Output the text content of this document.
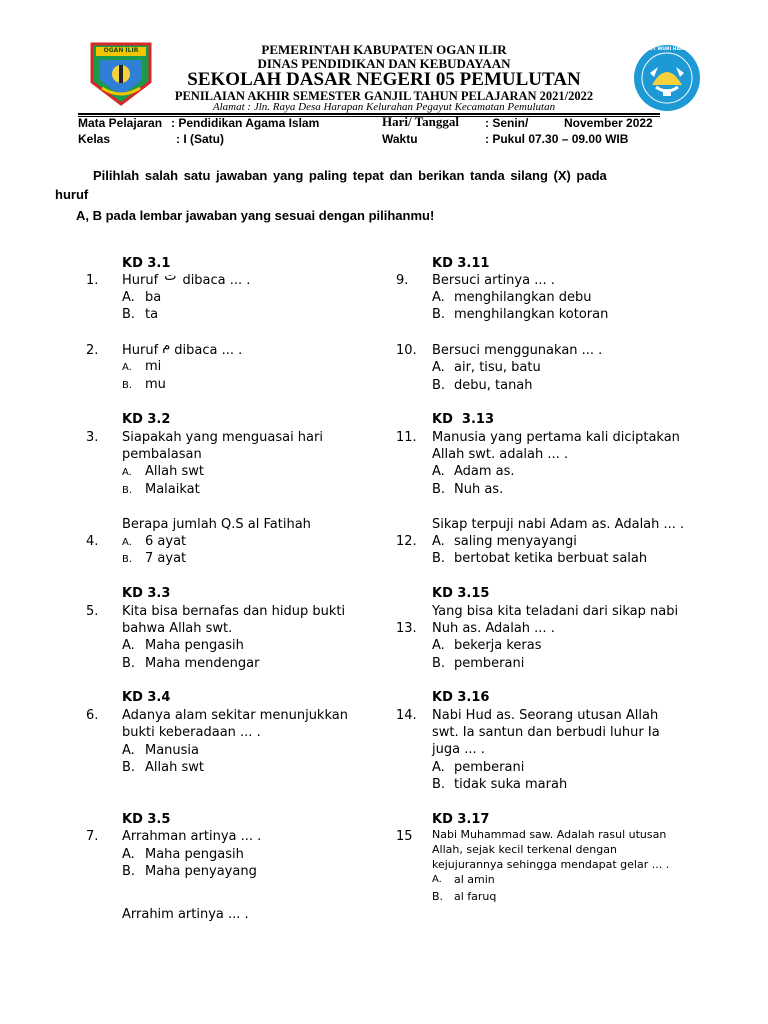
OGAN ILIR	TUT WURI HANDAYANI
PEMERINTAH KABUPATEN OGAN ILIR
DINAS PENDIDIKAN DAN KEBUDAYAAN
SEKOLAH DASAR NEGERI 05 PEMULUTAN
PENILAIAN AKHIR SEMESTER GANJIL TAHUN PELAJARAN 2021/2022
Alamat : Jln. Raya Desa Harapan Kelurahan Pegayut Kecamatan Pemulutan
Mata Pelajaran : Pendidikan Agama Islam
Kelas	: I (Satu)
Hari/ Tanggal : Senin/	November 2022
Waktu	: Pukul 07.30 – 09.00 WIB
Pilihlah salah satu jawaban yang paling tepat dan berikan tanda silang (X) pada
huruf
A, B pada lembar jawaban yang sesuai dengan pilihanmu!
KD 3.1
1. Huruf ت dibaca ... .
A. ba
B. ta
2. Huruf م dibaca ... .
A. mi
B. mu
KD 3.2
3. Siapakah yang menguasai hari
pembalasan
A. Allah swt
B. Malaikat
Berapa jumlah Q.S al Fatihah
4. A. 6 ayat
B. 7 ayat
KD 3.3
5. Kita bisa bernafas dan hidup bukti
bahwa Allah swt.
A. Maha pengasih
B. Maha mendengar
KD 3.4
6. Adanya alam sekitar menunjukkan
bukti keberadaan ... .
A. Manusia
B. Allah swt
KD 3.5
7. Arrahman artinya ... .
A. Maha pengasih
B. Maha penyayang
Arrahim artinya ... .
KD 3.11
9. Bersuci artinya ... .
A. menghilangkan debu
B. menghilangkan kotoran
10. Bersuci menggunakan ... .
A. air, tisu, batu
B. debu, tanah
KD  3.13
11. Manusia yang pertama kali diciptakan
Allah swt. adalah ... .
A. Adam as.
B. Nuh as.
Sikap terpuji nabi Adam as. Adalah ... .
12. A. saling menyayangi
B. bertobat ketika berbuat salah
KD 3.15
Yang bisa kita teladani dari sikap nabi
13. Nuh as. Adalah ... .
A. bekerja keras
B. pemberani
KD 3.16
14. Nabi Hud as. Seorang utusan Allah
swt. Ia santun dan berbudi luhur Ia
juga ... .
A. pemberani
B. tidak suka marah
KD 3.17
15 Nabi Muhammad saw. Adalah rasul utusan
Allah, sejak kecil terkenal dengan
kejujurannya sehingga mendapat gelar ... .
A. al amin
B. al faruq
